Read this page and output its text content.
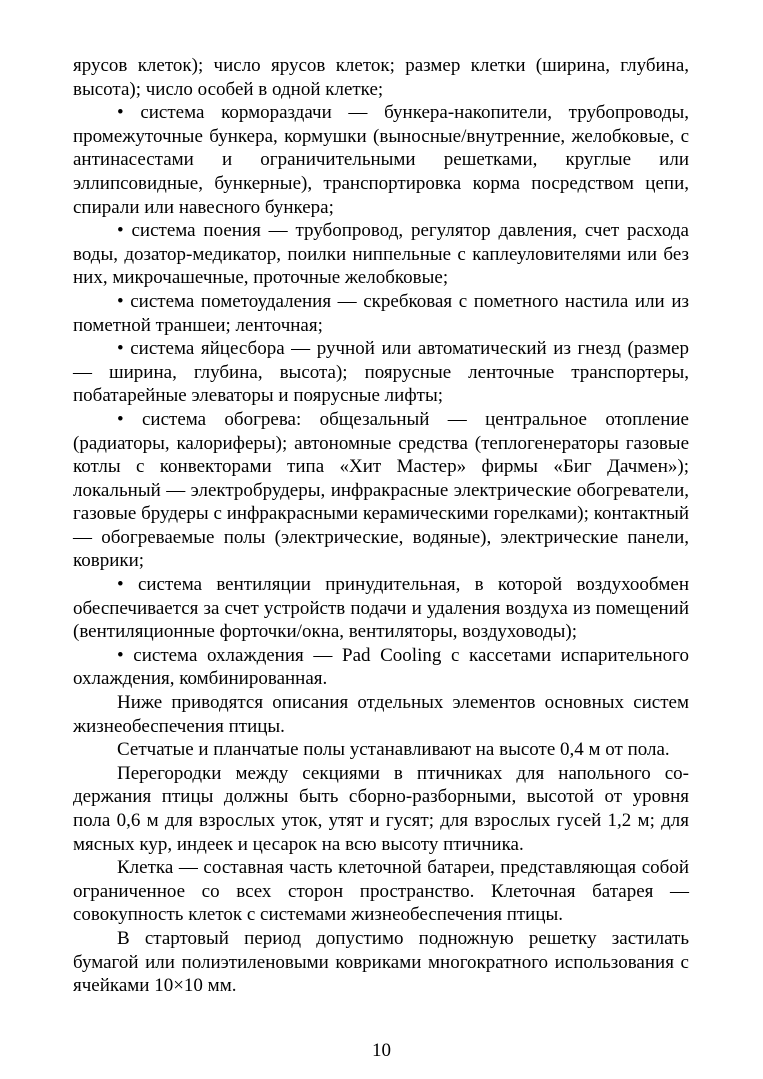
ярусов клеток); число ярусов клеток; размер клетки (ширина, глубина, высота); число особей в одной клетке;

• система кормораздачи — бункера-накопители, трубопроводы, промежуточные бункера, кормушки (выносные/внутренние, желобковые, с антинасестами и ограничительными решетками, круглые или эллипсовидные, бункерные), транспортировка корма посредством цепи, спирали или навесного бункера;

• система поения — трубопровод, регулятор давления, счет расхода воды, дозатор-медикатор, поилки ниппельные с каплеуловителями или без них, микрочашечные, проточные желобковые;

• система пометоудаления — скребковая с пометного настила или из пометной траншеи; ленточная;

• система яйцесбора — ручной или автоматический из гнезд (размер — ширина, глубина, высота); поярусные ленточные транспортеры, побатарейные элеваторы и поярусные лифты;

• система обогрева: общезальный — центральное отопление (радиаторы, калориферы); автономные средства (теплогенераторы газовые котлы с конвекторами типа «Хит Мастер» фирмы «Биг Дачмен»); локальный — электробрудеры, инфракрасные электрические обогреватели, газовые брудеры с инфракрасными керамическими горелками); контактный — обогреваемые полы (электрические, водяные), электрические панели, коврики;

• система вентиляции принудительная, в которой воздухообмен обеспечивается за счет устройств подачи и удаления воздуха из помещений (вентиляционные форточки/окна, вентиляторы, воздуховоды);

• система охлаждения — Pad Cooling с кассетами испарительного охлаждения, комбинированная.

Ниже приводятся описания отдельных элементов основных систем жизнеобеспечения птицы.

Сетчатые и планчатые полы устанавливают на высоте 0,4 м от пола.

Перегородки между секциями в птичниках для напольного содержания птицы должны быть сборно-разборными, высотой от уровня пола 0,6 м для взрослых уток, утят и гусят; для взрослых гусей 1,2 м; для мясных кур, индеек и цесарок на всю высоту птичника.

Клетка — составная часть клеточной батареи, представляющая собой ограниченное со всех сторон пространство. Клеточная батарея — совокупность клеток с системами жизнеобеспечения птицы.

В стартовый период допустимо подножную решетку застилать бумагой или полиэтиленовыми ковриками многократного использования с ячейками 10×10 мм.

10
